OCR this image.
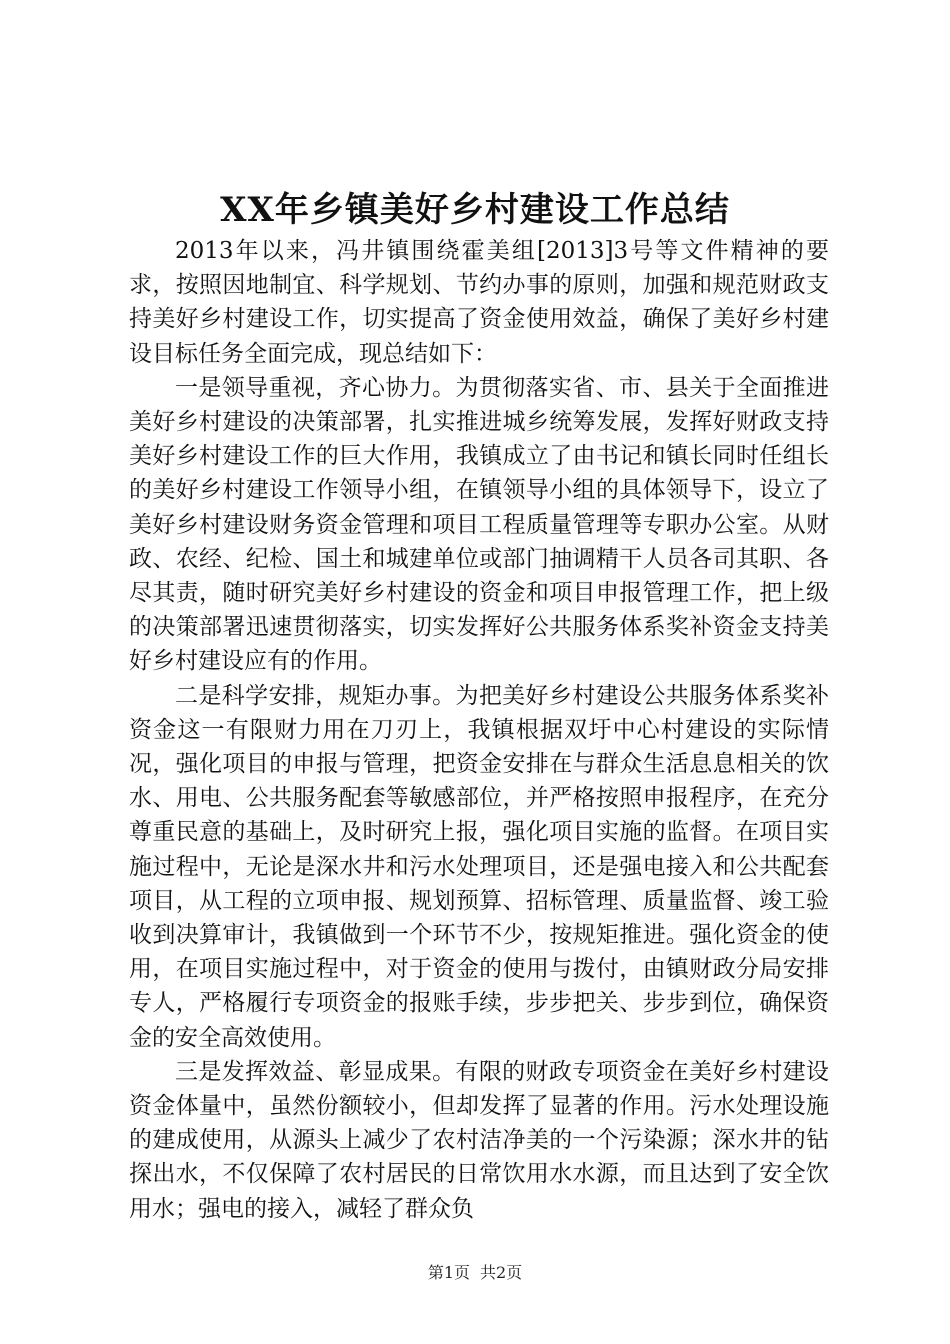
XX年乡镇美好乡村建设工作总结

2013年以来，冯井镇围绕霍美组[2013]3号等文件精神的要求，按照因地制宜、科学规划、节约办事的原则，加强和规范财政支持美好乡村建设工作，切实提高了资金使用效益，确保了美好乡村建设目标任务全面完成，现总结如下：

一是领导重视，齐心协力。为贯彻落实省、市、县关于全面推进美好乡村建设的决策部署，扎实推进城乡统筹发展，发挥好财政支持美好乡村建设工作的巨大作用，我镇成立了由书记和镇长同时任组长的美好乡村建设工作领导小组，在镇领导小组的具体领导下，设立了美好乡村建设财务资金管理和项目工程质量管理等专职办公室。从财政、农经、纪检、国土和城建单位或部门抽调精干人员各司其职、各尽其责，随时研究美好乡村建设的资金和项目申报管理工作，把上级的决策部署迅速贯彻落实，切实发挥好公共服务体系奖补资金支持美好乡村建设应有的作用。

二是科学安排，规矩办事。为把美好乡村建设公共服务体系奖补资金这一有限财力用在刀刃上，我镇根据双圩中心村建设的实际情况，强化项目的申报与管理，把资金安排在与群众生活息息相关的饮水、用电、公共服务配套等敏感部位，并严格按照申报程序，在充分尊重民意的基础上，及时研究上报，强化项目实施的监督。在项目实施过程中，无论是深水井和污水处理项目，还是强电接入和公共配套项目，从工程的立项申报、规划预算、招标管理、质量监督、竣工验收到决算审计，我镇做到一个环节不少，按规矩推进。强化资金的使用，在项目实施过程中，对于资金的使用与拨付，由镇财政分局安排专人，严格履行专项资金的报账手续，步步把关、步步到位，确保资金的安全高效使用。

三是发挥效益、彰显成果。有限的财政专项资金在美好乡村建设资金体量中，虽然份额较小，但却发挥了显著的作用。污水处理设施的建成使用，从源头上减少了农村洁净美的一个污染源；深水井的钻探出水，不仅保障了农村居民的日常饮用水水源，而且达到了安全饮用水；强电的接入，减轻了群众负

第1页 共2页
